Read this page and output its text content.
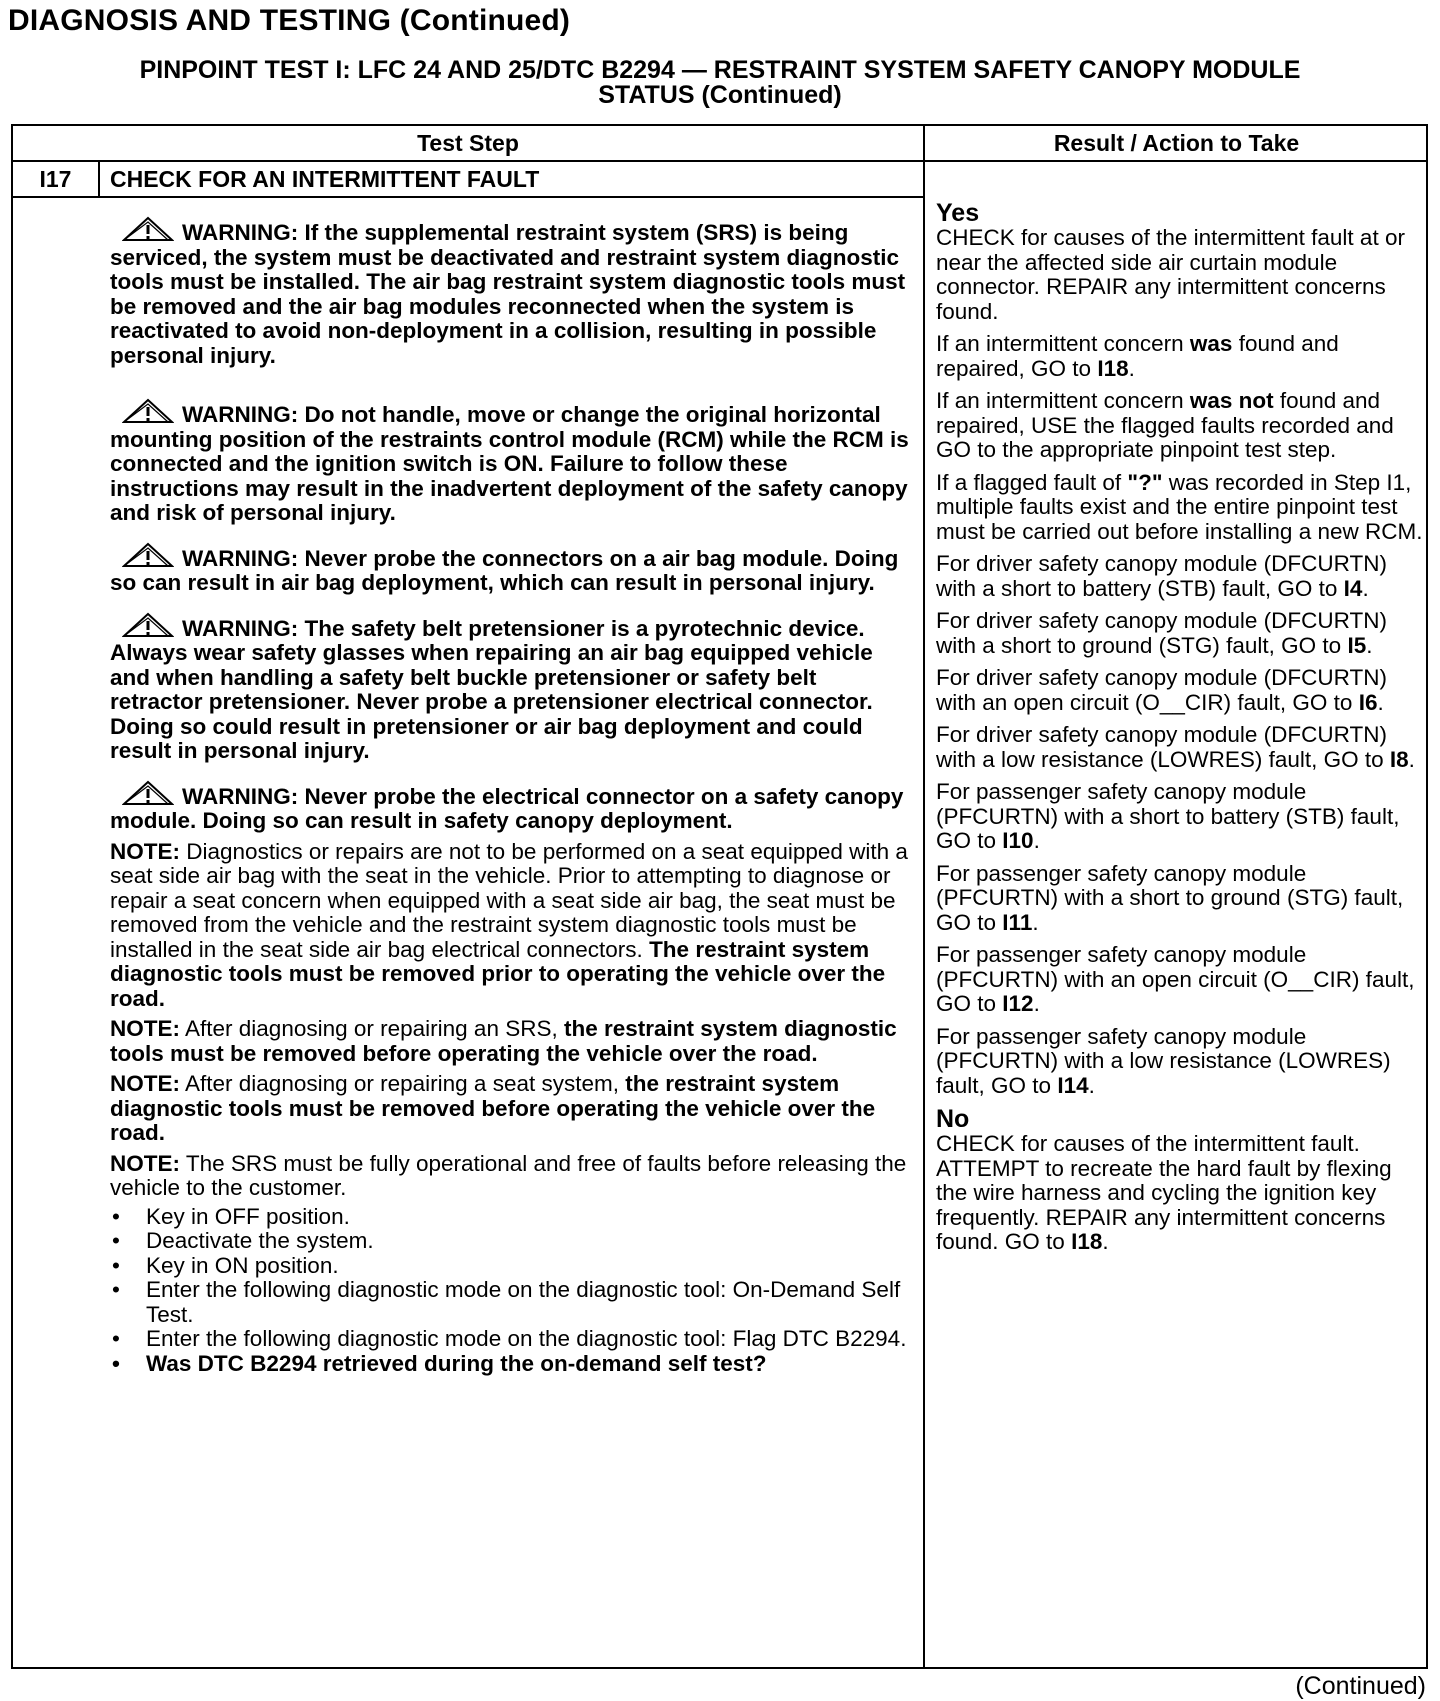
DIAGNOSIS AND TESTING (Continued)
PINPOINT TEST I: LFC 24 AND 25/DTC B2294 — RESTRAINT SYSTEM SAFETY CANOPY MODULE
STATUS (Continued)
Test Step	Result / Action to Take
I17	CHECK FOR AN INTERMITTENT FAULT

WARNING: If the supplemental restraint system (SRS) is being serviced, the system must be deactivated and restraint system diagnostic tools must be installed. The air bag restraint system diagnostic tools must be removed and the air bag modules reconnected when the system is reactivated to avoid non-deployment in a collision, resulting in possible personal injury.

WARNING: Do not handle, move or change the original horizontal mounting position of the restraints control module (RCM) while the RCM is connected and the ignition switch is ON. Failure to follow these instructions may result in the inadvertent deployment of the safety canopy and risk of personal injury.

WARNING: Never probe the connectors on a air bag module. Doing so can result in air bag deployment, which can result in personal injury.

WARNING: The safety belt pretensioner is a pyrotechnic device. Always wear safety glasses when repairing an air bag equipped vehicle and when handling a safety belt buckle pretensioner or safety belt retractor pretensioner. Never probe a pretensioner electrical connector. Doing so could result in pretensioner or air bag deployment and could result in personal injury.

WARNING: Never probe the electrical connector on a safety canopy module. Doing so can result in safety canopy deployment.

NOTE: Diagnostics or repairs are not to be performed on a seat equipped with a seat side air bag with the seat in the vehicle. Prior to attempting to diagnose or repair a seat concern when equipped with a seat side air bag, the seat must be removed from the vehicle and the restraint system diagnostic tools must be installed in the seat side air bag electrical connectors. The restraint system diagnostic tools must be removed prior to operating the vehicle over the road.

NOTE: After diagnosing or repairing an SRS, the restraint system diagnostic tools must be removed before operating the vehicle over the road.

NOTE: After diagnosing or repairing a seat system, the restraint system diagnostic tools must be removed before operating the vehicle over the road.

NOTE: The SRS must be fully operational and free of faults before releasing the vehicle to the customer.

• Key in OFF position.
• Deactivate the system.
• Key in ON position.
• Enter the following diagnostic mode on the diagnostic tool: On-Demand Self Test.
• Enter the following diagnostic mode on the diagnostic tool: Flag DTC B2294.
• Was DTC B2294 retrieved during the on-demand self test?

Yes

CHECK for causes of the intermittent fault at or near the affected side air curtain module connector. REPAIR any intermittent concerns found.

If an intermittent concern was found and repaired, GO to I18.

If an intermittent concern was not found and repaired, USE the flagged faults recorded and GO to the appropriate pinpoint test step.

If a flagged fault of "?" was recorded in Step I1, multiple faults exist and the entire pinpoint test must be carried out before installing a new RCM.

For driver safety canopy module (DFCURTN) with a short to battery (STB) fault, GO to I4.

For driver safety canopy module (DFCURTN) with a short to ground (STG) fault, GO to I5.

For driver safety canopy module (DFCURTN) with an open circuit (O__CIR) fault, GO to I6.

For driver safety canopy module (DFCURTN) with a low resistance (LOWRES) fault, GO to I8.

For passenger safety canopy module (PFCURTN) with a short to battery (STB) fault, GO to I10.

For passenger safety canopy module (PFCURTN) with a short to ground (STG) fault, GO to I11.

For passenger safety canopy module (PFCURTN) with an open circuit (O__CIR) fault, GO to I12.

For passenger safety canopy module (PFCURTN) with a low resistance (LOWRES) fault, GO to I14.

No

CHECK for causes of the intermittent fault. ATTEMPT to recreate the hard fault by flexing the wire harness and cycling the ignition key frequently. REPAIR any intermittent concerns found. GO to I18.

(Continued)
